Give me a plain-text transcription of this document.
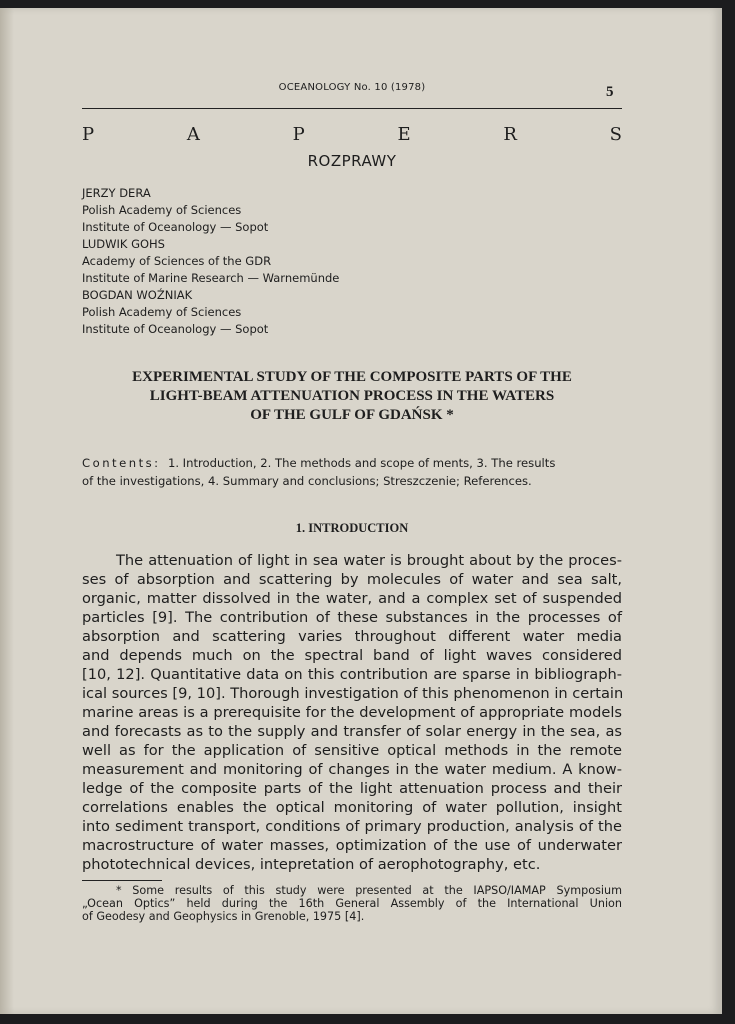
OCEANOLOGY No. 10 (1978)	5
P	A	P	E	R	S
ROZPRAWY
JERZY DERA
Polish Academy of Sciences
Institute of Oceanology — Sopot
LUDWIK GOHS
Academy of Sciences of the GDR
Institute of Marine Research — Warnemünde
BOGDAN WOŹNIAK
Polish Academy of Sciences
Institute of Oceanology — Sopot
EXPERIMENTAL STUDY OF THE COMPOSITE PARTS OF THE
LIGHT-BEAM ATTENUATION PROCESS IN THE WATERS
OF THE GULF OF GDAŃSK *
Contents: 1. Introduction, 2. The methods and scope of ments, 3. The results
of the investigations, 4. Summary and conclusions; Streszczenie; References.
1. INTRODUCTION
The attenuation of light in sea water is brought about by the proces-
ses of absorption and scattering by molecules of water and sea salt,
organic, matter dissolved in the water, and a complex set of suspended
particles [9]. The contribution of these substances in the processes of
absorption and scattering varies throughout different water media
and depends much on the spectral band of light waves considered
[10, 12]. Quantitative data on this contribution are sparse in bibliograph-
ical sources [9, 10]. Thorough investigation of this phenomenon in certain
marine areas is a prerequisite for the development of appropriate models
and forecasts as to the supply and transfer of solar energy in the sea, as
well as for the application of sensitive optical methods in the remote
measurement and monitoring of changes in the water medium. A know-
ledge of the composite parts of the light attenuation process and their
correlations enables the optical monitoring of water pollution, insight
into sediment transport, conditions of primary production, analysis of the
macrostructure of water masses, optimization of the use of underwater
phototechnical devices, intepretation of aerophotography, etc.
* Some results of this study were presented at the IAPSO/IAMAP Symposium
„Ocean Optics” held during the 16th General Assembly of the International Union
of Geodesy and Geophysics in Grenoble, 1975 [4].
